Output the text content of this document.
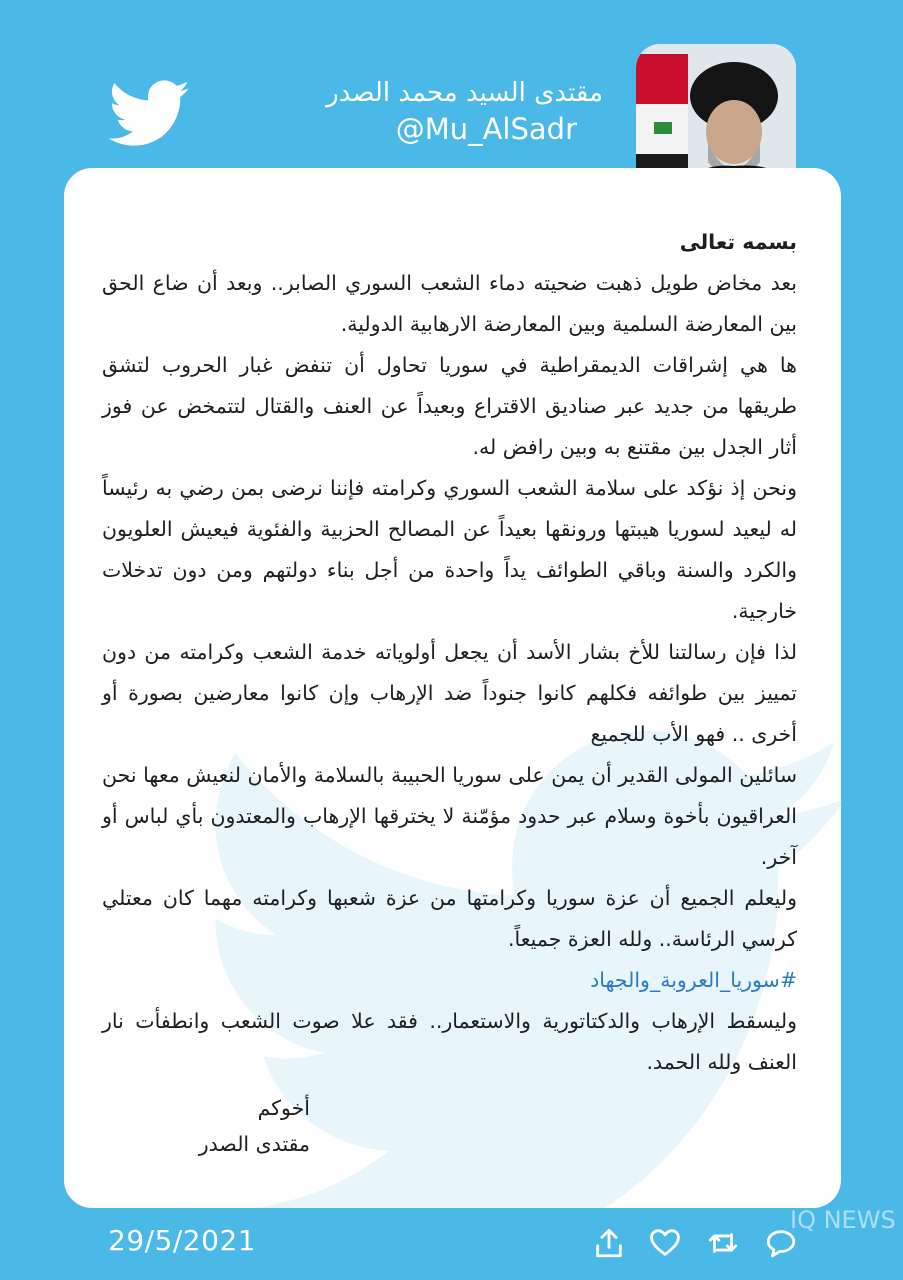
مقتدى السيد محمد الصدر
@Mu_AlSadr

بسمه تعالى

بعد مخاض طويل ذهبت ضحيته دماء الشعب السوري الصابر.. وبعد أن ضاع الحق بين المعارضة السلمية وبين المعارضة الارهابية الدولية.

ها هي إشراقات الديمقراطية في سوريا تحاول أن تنفض غبار الحروب لتشق طريقها من جديد عبر صناديق الاقتراع وبعيداً عن العنف والقتال لتتمخض عن فوز أثار الجدل بين مقتنع به وبين رافض له.

ونحن إذ نؤكد على سلامة الشعب السوري وكرامته فإننا نرضى بمن رضي به رئيساً له ليعيد لسوريا هيبتها ورونقها بعيداً عن المصالح الحزبية والفئوية فيعيش العلويون والكرد والسنة وباقي الطوائف يداً واحدة من أجل بناء دولتهم ومن دون تدخلات خارجية.

لذا فإن رسالتنا للأخ بشار الأسد أن يجعل أولوياته خدمة الشعب وكرامته من دون تمييز بين طوائفه فكلهم كانوا جنوداً ضد الإرهاب وإن كانوا معارضين بصورة أو أخرى .. فهو الأب للجميع

سائلين المولى القدير أن يمن على سوريا الحبيبة بالسلامة والأمان لنعيش معها نحن العراقيون بأخوة وسلام عبر حدود مؤمّنة لا يخترقها الإرهاب والمعتدون بأي لباس أو آخر.

وليعلم الجميع أن عزة سوريا وكرامتها من عزة شعبها وكرامته مهما كان معتلي كرسي الرئاسة.. ولله العزة جميعاً.

#سوريا_العروبة_والجهاد

وليسقط الإرهاب والدكتاتورية والاستعمار.. فقد علا صوت الشعب وانطفأت نار العنف ولله الحمد.

أخوكم
مقتدى الصدر
29/5/2021
IQ NEWS
